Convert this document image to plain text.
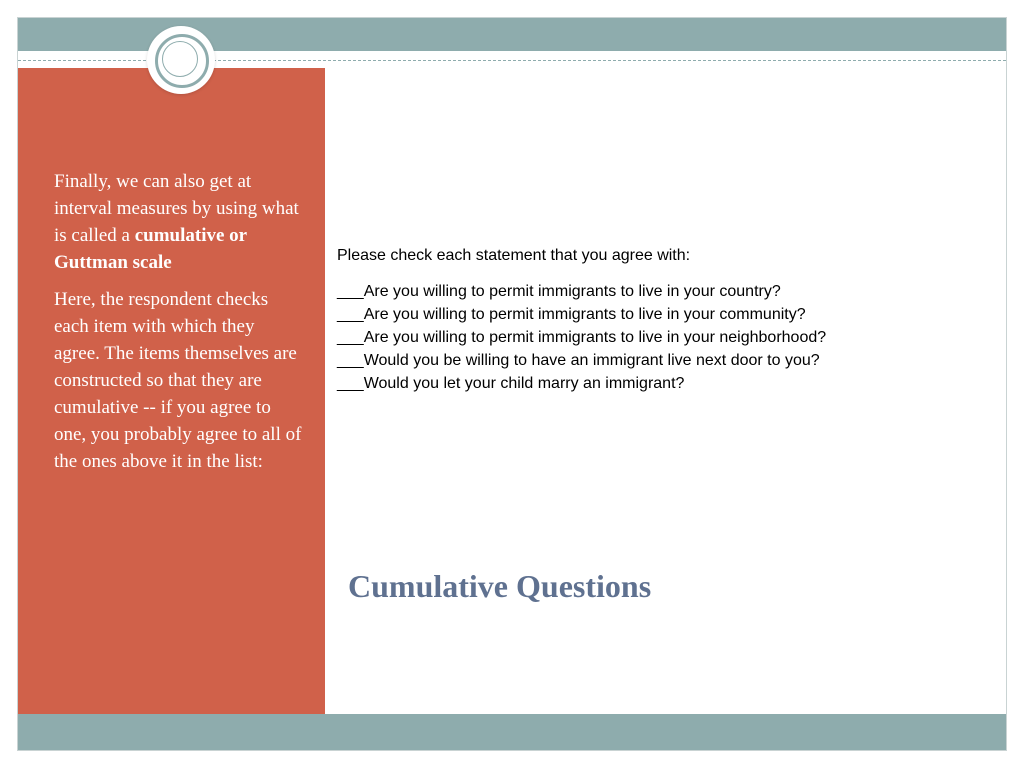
Finally, we can also get at interval measures by using what is called a cumulative or Guttman scale

Here, the respondent checks each item with which they agree. The items themselves are constructed so that they are cumulative -- if you agree to one, you probably agree to all of the ones above it in the list:

Please check each statement that you agree with:
___Are you willing to permit immigrants to live in your country?
___Are you willing to permit immigrants to live in your community?
___Are you willing to permit immigrants to live in your neighborhood?
___Would you be willing to have an immigrant live next door to you?
___Would you let your child marry an immigrant?
Cumulative Questions
